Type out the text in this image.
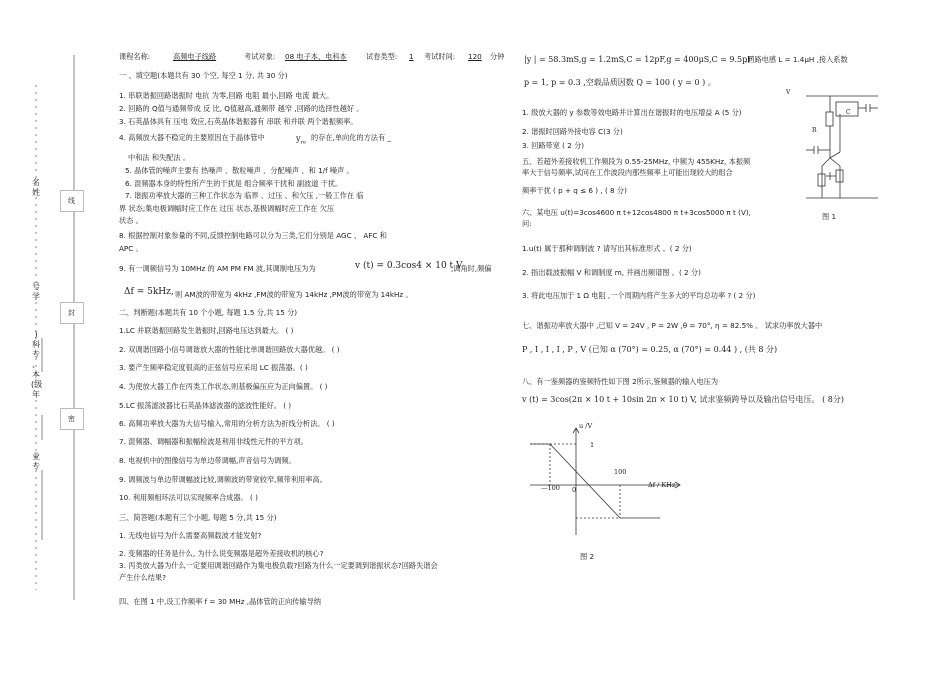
名 姓
号学
)科专 、本(级年
业专
线
封
密
课程名称:	高频电子线路	考试对象: 08 电子本、电科本	试卷类型: 1 考试时间: 120 分钟
一 、填空题(本题共有 30 个空, 每空 1 分, 共 30 分)
1. 串联谐振回路谐振时 电抗 为零,回路 电阻 最小,回路 电流 最大。
2. 回路的 Q值与通频带成 反 比, Q值越高,通频带 越窄 ,回路的选择性越好 。
3. 石英晶体具有 压电 效应,石英晶体谐振器有 串联 和并联 两个谐振频率。
4. 高频放大器不稳定的主要原因在于晶体管中	$y_{re}$
的存在,单向化的方法有 _
中和法 和失配法 。
5. 晶体管的噪声主要有 热噪声 、散粒噪声 、分配噪声 、和 1/f 噪声 。
6. 混频器本身的特性所产生的干扰是 组合频率干扰和 副波道 干扰。
7. 谐振功率放大器的三种工作状态为 临界 、过压 、和欠压 ,一般工作在 临
界 状态;集电极调幅时应工作在 过压 状态,基极调幅时应工作在 欠压
状态 。
8. 根据控制对象参量的不同,反馈控制电路可以分为三类,它们分别是 AGC 、 AFC 和
APC 。
9. 有一调频信号为 10MHz 的 AM PM FM 波,其调制电压为为	v (t) = 0.3cos4 × 10 t V
,调角时,频偏
Δf = 5kHz, 则 AM波的带宽为 4kHz ,FM波的带宽为 14kHz ,PM波的带宽为 14kHz 。
二、判断题(本题共有 10 个小题, 每题 1.5 分,共 15 分)
1.LC 并联谐振回路发生谐振时,回路电压达到最大。 ( )
2. 双调谐回路小信号调谐放大器的性能比单调谐回路放大器优越。 ( )
3. 要产生频率稳定度很高的正弦信号应采用 LC 振荡器。( )
4. 为使放大器工作在丙类工作状态,则基极偏压应为正向偏置。 ( )
5.LC 振荡滤波器比石英晶体滤波器的滤波性能好。 ( )
6. 高频功率放大器为大信号输入,常用的分析方法为折线分析法。 ( )
7. 混频器、调幅器和振幅检波是利用非线性元件的平方项。
8. 电视机中的图像信号为单边带调幅,声音信号为调频。
9. 调频波与单边带调幅波比较,调频波的带宽较窄,频带利用率高。
10. 利用频相环法可以实现频率合成器。 ( )
三、简答题(本题有三个小题, 每题 5 分,共 15 分)
1. 无线电信号为什么需要高频载波才能发射?
2. 变频器的任务是什么, 为什么说变频器是超外差接收机的核心?
3. 丙类放大器为什么一定要用调谐回路作为集电极负载?回路为什么一定要调到谐振状态?回路失谐会
产生什么结果?
四、在图 1 中,设工作频率 f = 30 MHz ,晶体管的正向传输导纳
|y | = 58.3mS,g = 1.2mS,C = 12pF,g = 400μS,C = 9.5pF
,回路电感 L = 1.4μH ,接入系数
p = 1, p = 0.3 ,空载品质因数 Q = 100 ( y = 0 ) 。
1. 级放大器的 y 参数等效电路并计算出在谐振时的电压增益 A (5 分)
2. 谐振时回路外接电容 C(3 分)
3. 回路带宽 ( 2 分)
五、若超外差接收机工作频段为 0.55-25MHz, 中频为 455KHz, 本振频
率大于信号频率,试问在工作波段内那些频率上可能出现较大的组合
频率干扰 ( p + q ≤ 6 ) , ( 8 分)
六、某电压 u(t)=3cos4600 π t+12cos4800 π t+3cos5000 π t (V),
问:
1.u(t) 属于那种调制波 ? 请写出其标准形式 。( 2 分)
2. 指出载波振幅 V 和调制度 m, 并画出频谱图 。( 2 分)
3. 将此电压加于 1 Ω 电阻 ,一个周期内将产生多大的平均总功率 ? ( 2 分)
七、谐振功率放大器中 ,已知 V = 24V , P = 2W ,θ = 70°, η = 82.5% 。 试求功率放大器中
P , I , I , I , P , V (已知 α (70°) = 0.25, α (70°) = 0.44 ) , (共 8 分)
八、有一鉴频器的鉴频特性如下图 2所示,鉴频器的输入电压为
v (t) = 3cos(2π × 10 t + 10sin 2π × 10 t) V, 试求鉴频跨导以及输出信号电压。 ( 8分)
V
C
R
图 1
u /V
Δf / KHz
1
100
—100 0
图 2
